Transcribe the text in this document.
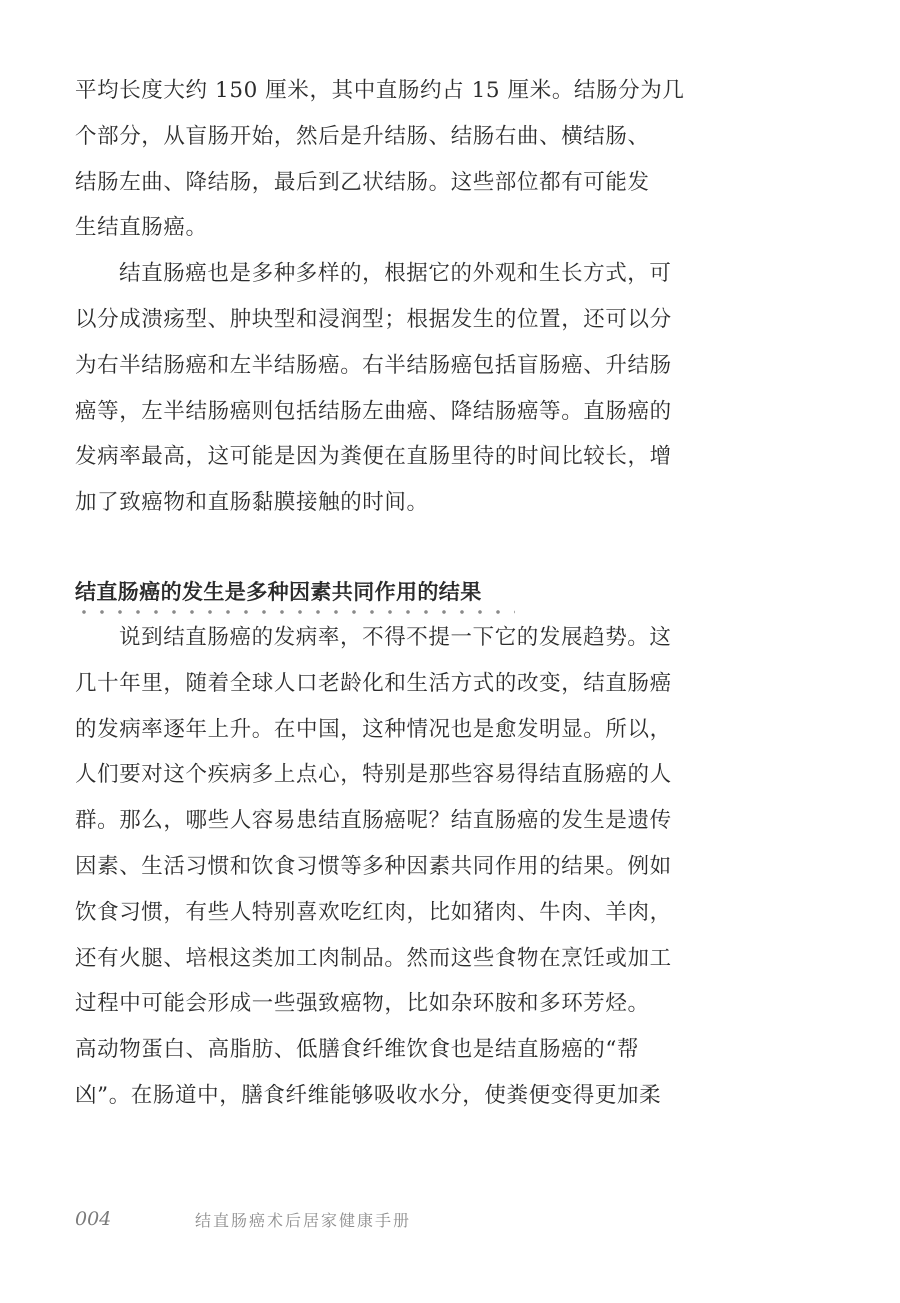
平均长度大约 150 厘米，其中直肠约占 15 厘米。结肠分为几
个部分，从盲肠开始，然后是升结肠、结肠右曲、横结肠、
结肠左曲、降结肠，最后到乙状结肠。这些部位都有可能发
生结直肠癌。
结直肠癌也是多种多样的，根据它的外观和生长方式，可
以分成溃疡型、肿块型和浸润型；根据发生的位置，还可以分
为右半结肠癌和左半结肠癌。右半结肠癌包括盲肠癌、升结肠
癌等，左半结肠癌则包括结肠左曲癌、降结肠癌等。直肠癌的
发病率最高，这可能是因为粪便在直肠里待的时间比较长，增
加了致癌物和直肠黏膜接触的时间。
结直肠癌的发生是多种因素共同作用的结果
说到结直肠癌的发病率，不得不提一下它的发展趋势。这
几十年里，随着全球人口老龄化和生活方式的改变，结直肠癌
的发病率逐年上升。在中国，这种情况也是愈发明显。所以，
人们要对这个疾病多上点心，特别是那些容易得结直肠癌的人
群。那么，哪些人容易患结直肠癌呢？结直肠癌的发生是遗传
因素、生活习惯和饮食习惯等多种因素共同作用的结果。例如
饮食习惯，有些人特别喜欢吃红肉，比如猪肉、牛肉、羊肉，
还有火腿、培根这类加工肉制品。然而这些食物在烹饪或加工
过程中可能会形成一些强致癌物，比如杂环胺和多环芳烃。
高动物蛋白、高脂肪、低膳食纤维饮食也是结直肠癌的“帮
凶”。在肠道中，膳食纤维能够吸收水分，使粪便变得更加柔
004	结直肠癌术后居家健康手册
